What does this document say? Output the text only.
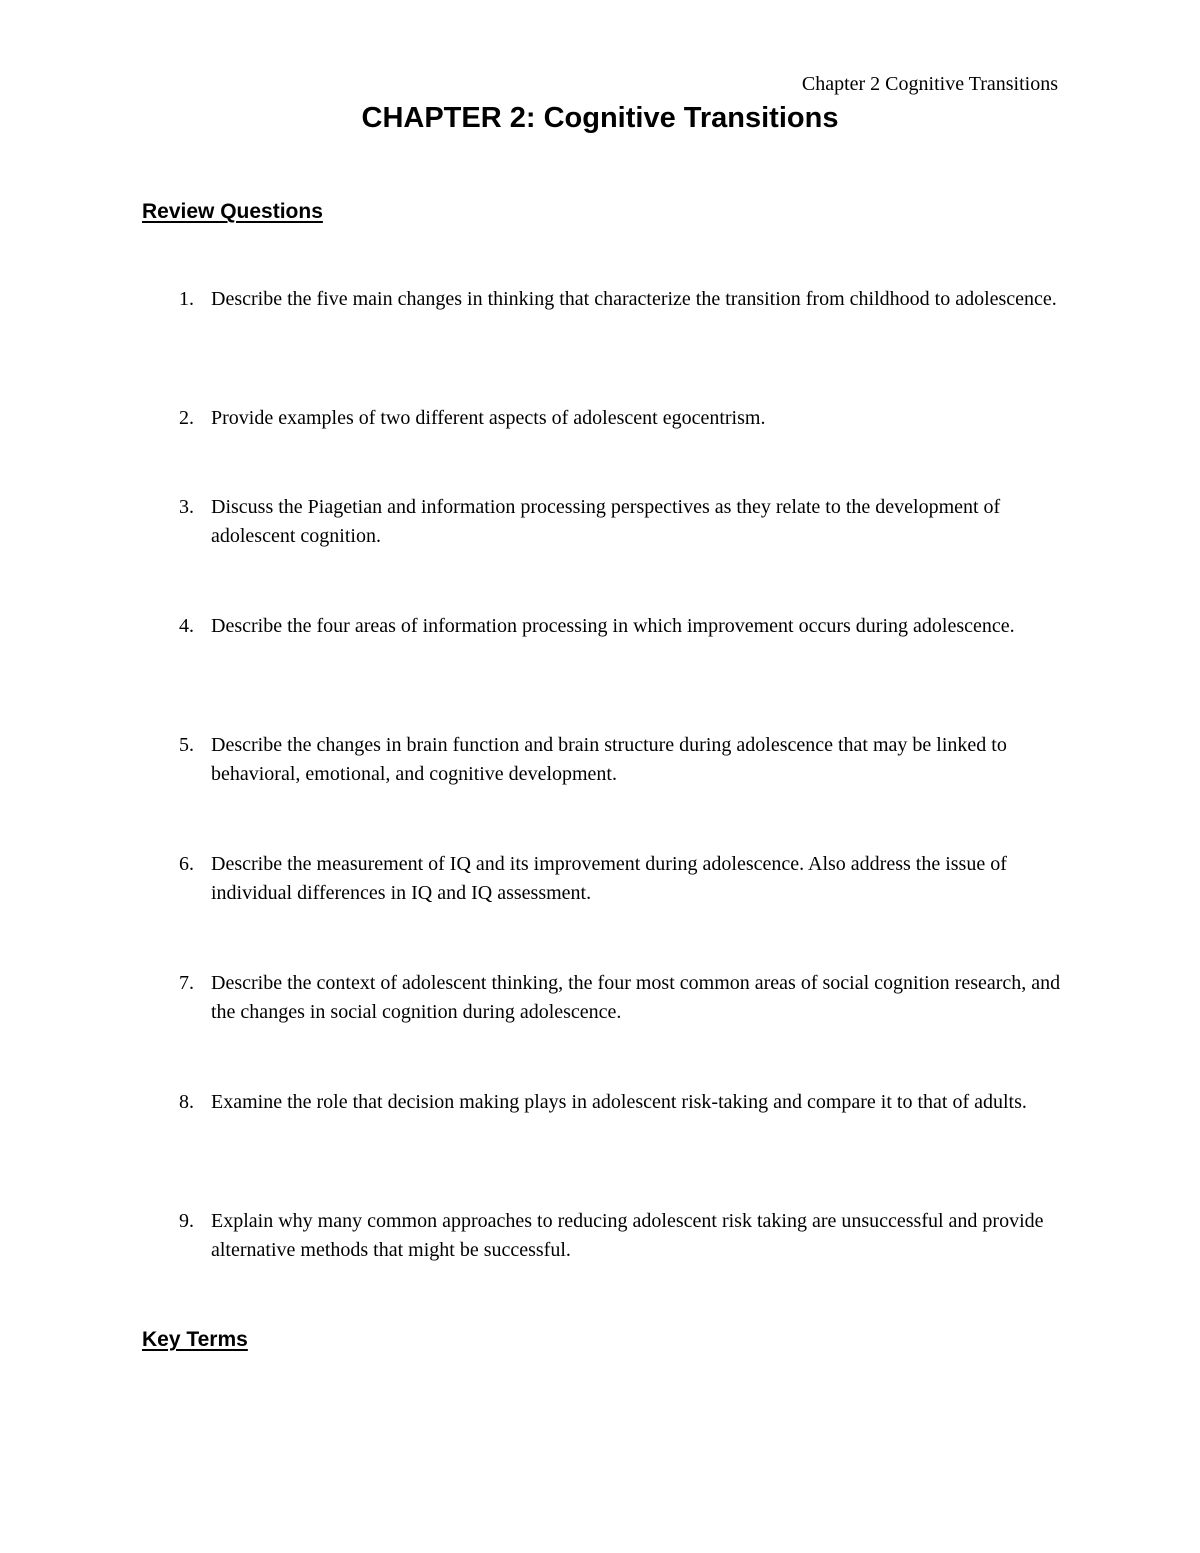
Chapter 2 Cognitive Transitions
CHAPTER 2: Cognitive Transitions
Review Questions
1. Describe the five main changes in thinking that characterize the transition from childhood to adolescence.
2. Provide examples of two different aspects of adolescent egocentrism.
3. Discuss the Piagetian and information processing perspectives as they relate to the development of adolescent cognition.
4. Describe the four areas of information processing in which improvement occurs during adolescence.
5. Describe the changes in brain function and brain structure during adolescence that may be linked to behavioral, emotional, and cognitive development.
6. Describe the measurement of IQ and its improvement during adolescence. Also address the issue of individual differences in IQ and IQ assessment.
7. Describe the context of adolescent thinking, the four most common areas of social cognition research, and the changes in social cognition during adolescence.
8. Examine the role that decision making plays in adolescent risk-taking and compare it to that of adults.
9. Explain why many common approaches to reducing adolescent risk taking are unsuccessful and provide alternative methods that might be successful.
Key Terms
